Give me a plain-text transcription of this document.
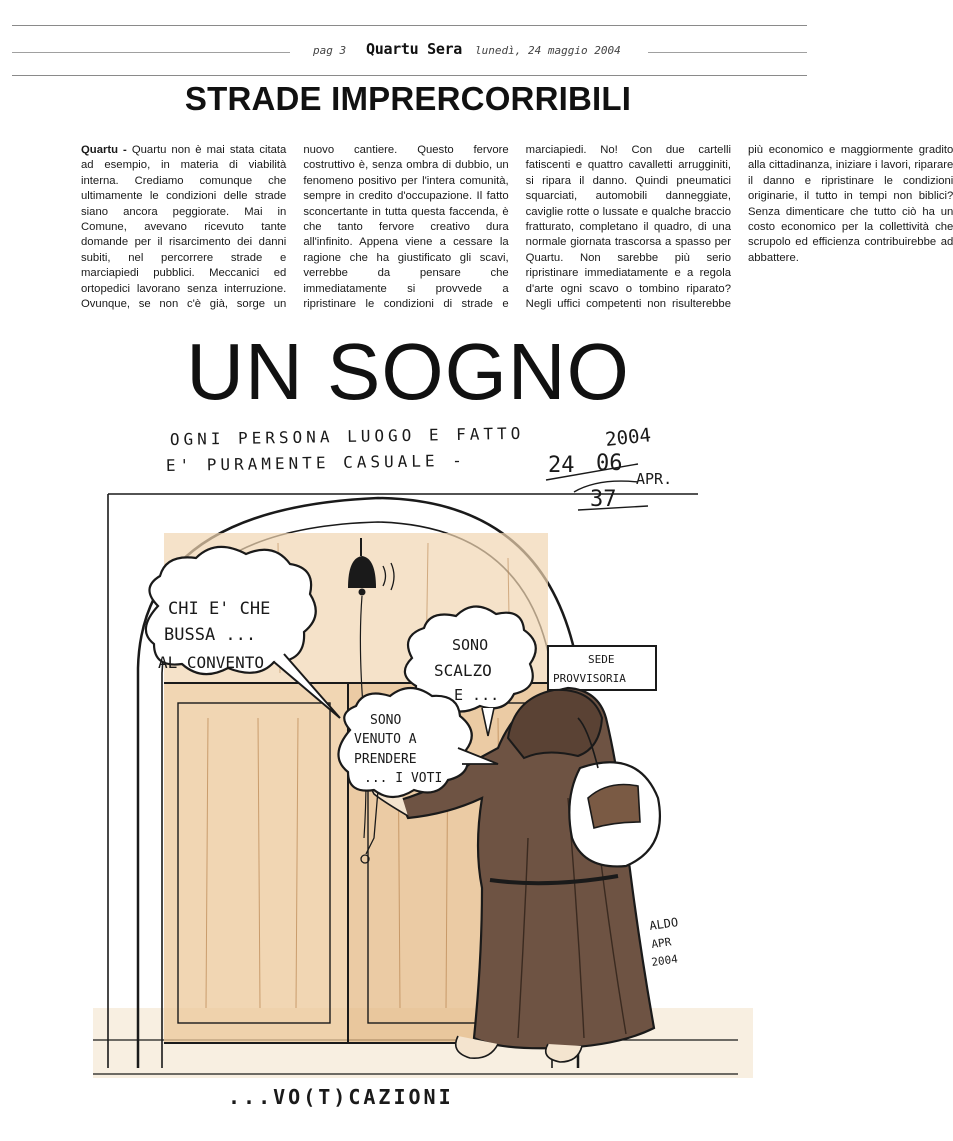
pag 3 Quartu Sera lunedì, 24 maggio 2004
STRADE IMPRERCORRIBILI

Quartu - Quartu non è mai stata citata ad esempio, in materia di viabilità interna. Crediamo comunque che ultimamente le condizioni delle strade siano ancora peggiorate. Mai in Comune, avevano ricevuto tante domande per il risarcimento dei danni subiti, nel percorrere strade e marciapiedi pubblici. Meccanici ed ortopedici lavorano senza interruzione. Ovunque, se non c'è già, sorge un nuovo cantiere. Questo fervore costruttivo è, senza ombra di dubbio, un fenomeno positivo per l'intera comunità, sempre in credito d'occupazione. Il fatto sconcertante in tutta questa faccenda, è che tanto fervore creativo dura all'infinito. Appena viene a cessare la ragione che ha giustificato gli scavi, verrebbe da pensare che immediatamente si provvede a ripristinare le condizioni di strade e marciapiedi. No! Con due cartelli fatiscenti e quattro cavalletti arrugginiti, si ripara il danno. Quindi pneumatici squarciati, automobili danneggiate, caviglie rotte o lussate e qualche braccio fratturato, completano il quadro, di una normale giornata trascorsa a spasso per Quartu. Non sarebbe più serio ripristinare immediatamente e a regola d'arte ogni scavo o tombino riparato? Negli uffici competenti non risulterebbe più economico e maggiormente gradito alla cittadinanza, iniziare i lavori, riparare il danno e ripristinare le condizioni originarie, il tutto in tempi non biblici? Senza dimenticare che tutto ciò ha un costo economico per la collettività che scrupolo ed efficienza contribuirebbe ad abbattere.

UN SOGNO
OGNI PERSONA LUOGO E FATTO
E' PURAMENTE CASUALE -
2004
24 06
APR.
37
SEDE
PROVVISORIA
CHI E' CHE
BUSSA ...
AL CONVENTO
SONO
SCALZO
E ...
SONO
VENUTO A
PRENDERE
... I VOTI
ALDO
APR
2004
...VO(T)CAZIONI
